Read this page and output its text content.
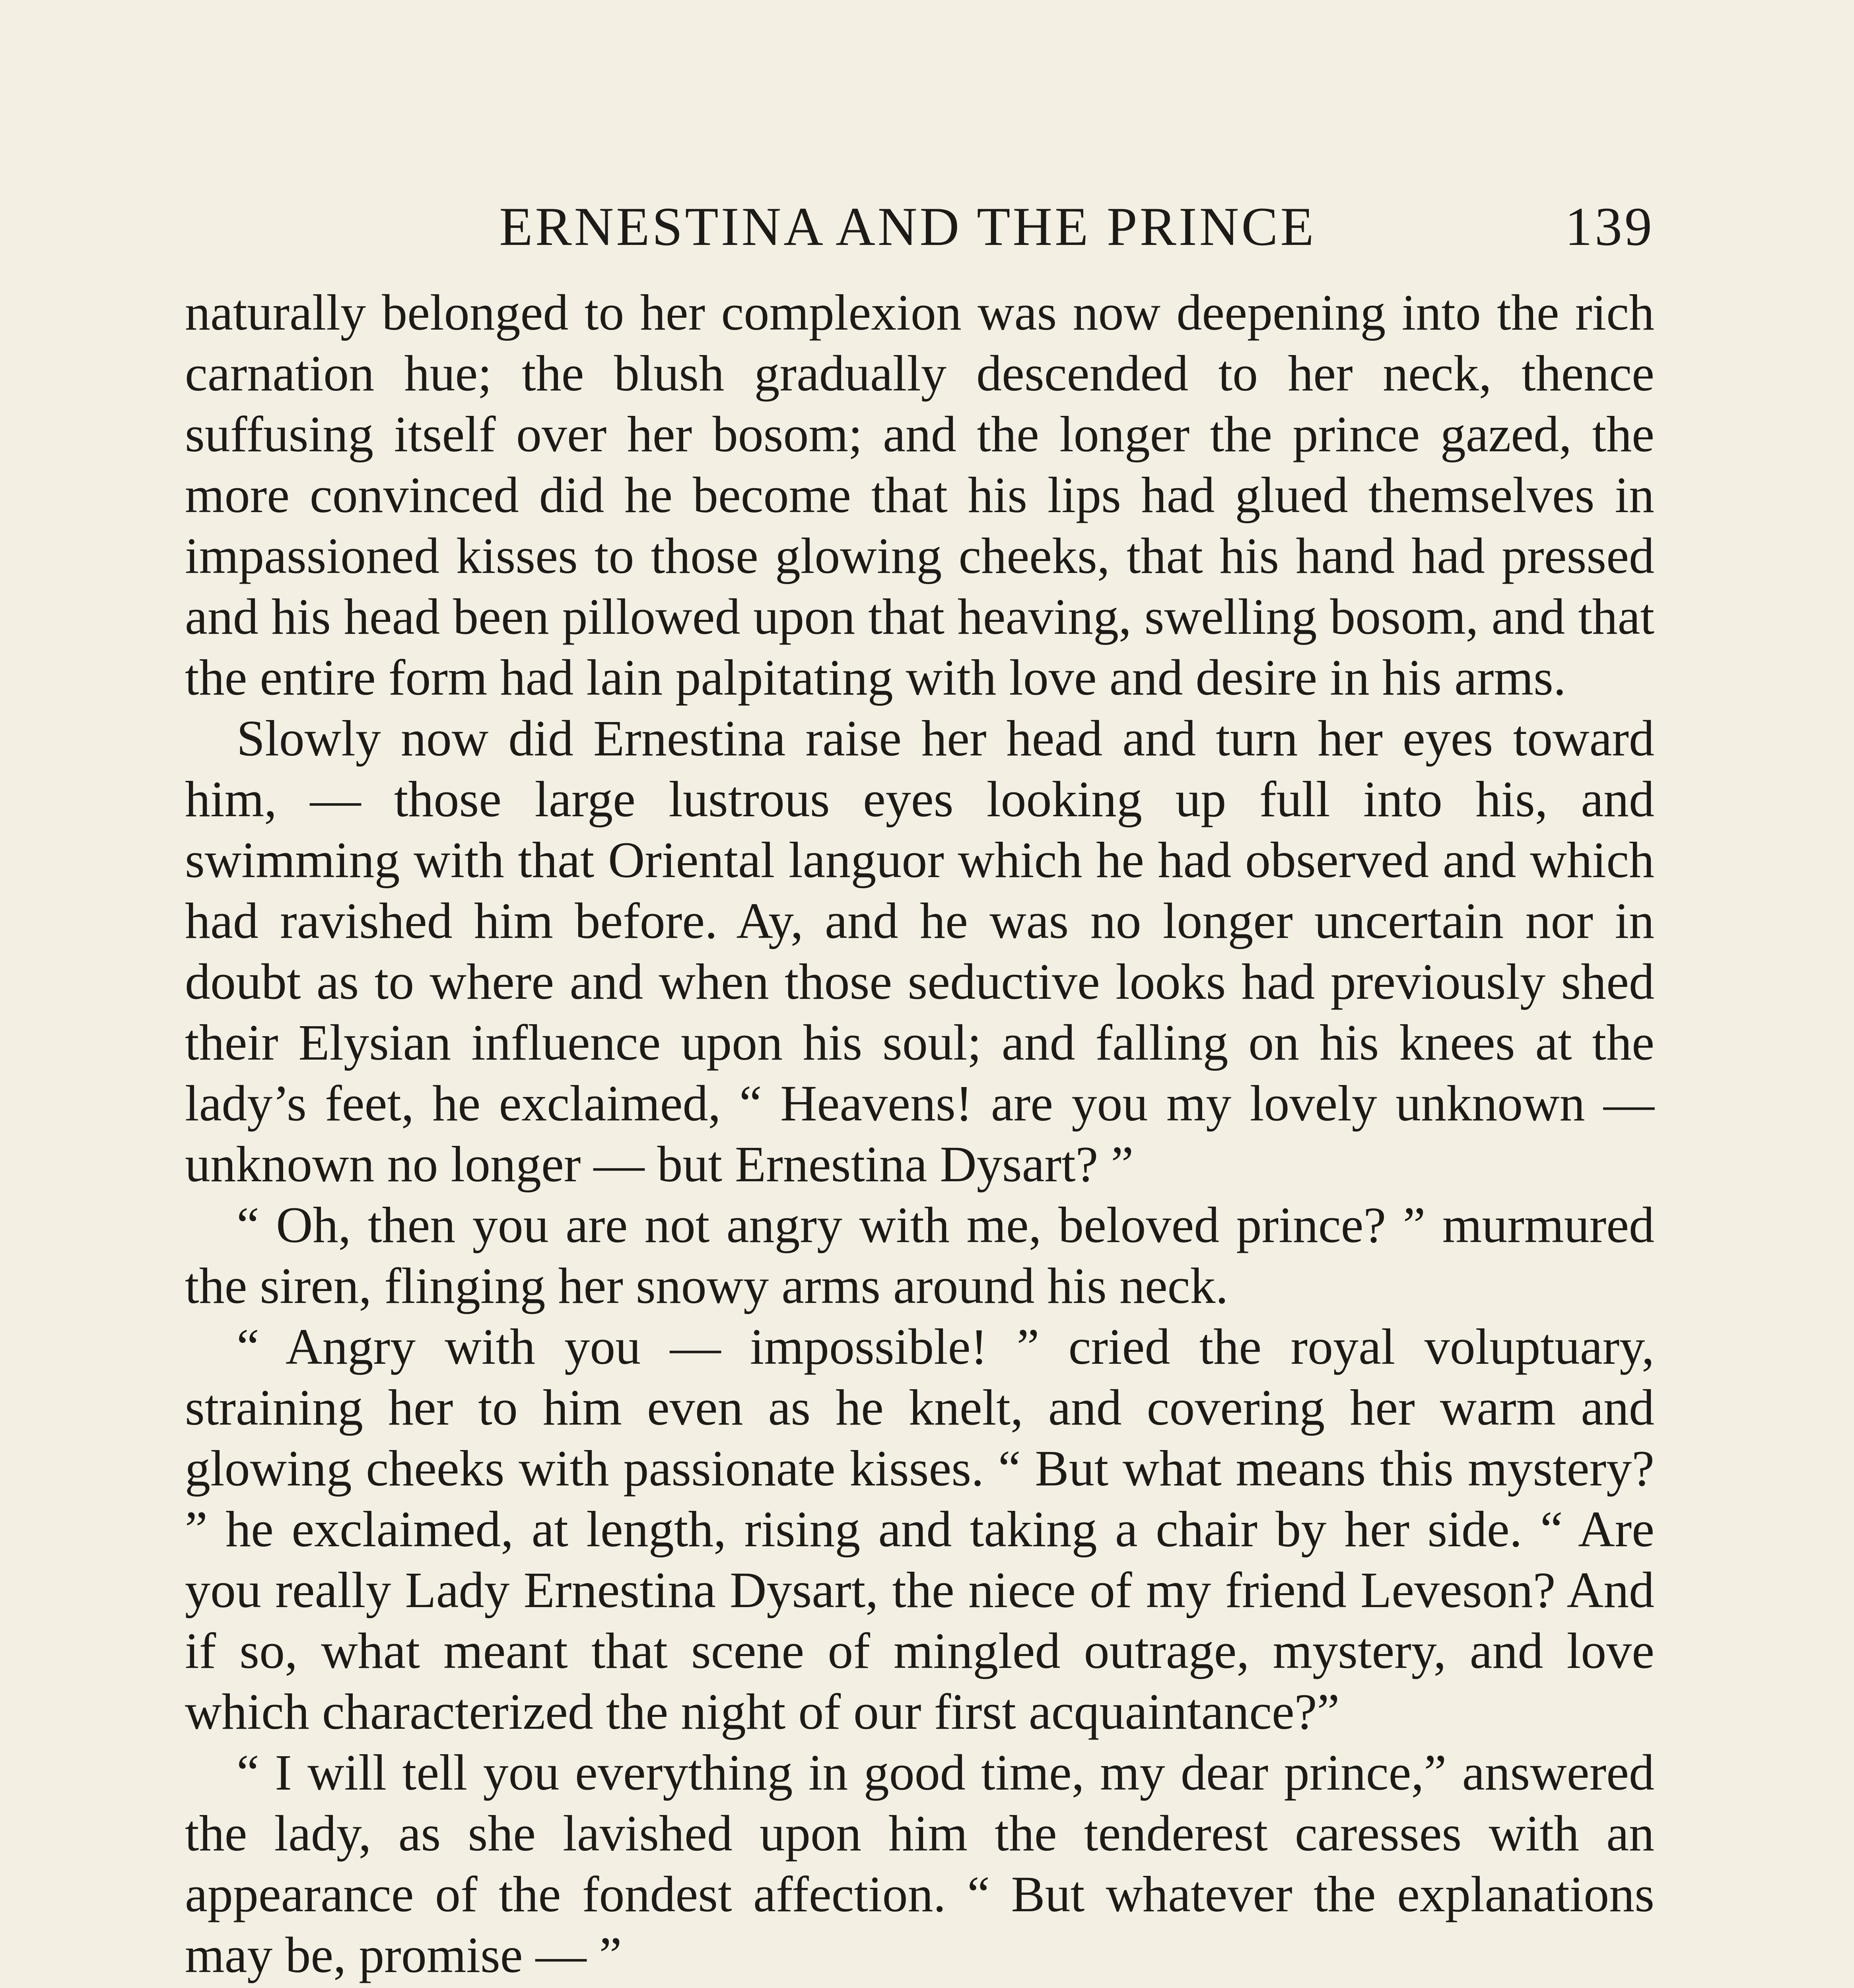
ERNESTINA AND THE PRINCE	139

naturally belonged to her complexion was now deepening into the rich carnation hue; the blush gradually descended to her neck, thence suffusing itself over her bosom; and the longer the prince gazed, the more convinced did he become that his lips had glued themselves in impassioned kisses to those glowing cheeks, that his hand had pressed and his head been pillowed upon that heaving, swelling bosom, and that the entire form had lain palpitating with love and desire in his arms.

Slowly now did Ernestina raise her head and turn her eyes toward him, — those large lustrous eyes looking up full into his, and swimming with that Oriental languor which he had observed and which had ravished him before. Ay, and he was no longer uncertain nor in doubt as to where and when those seductive looks had previously shed their Elysian influence upon his soul; and falling on his knees at the lady’s feet, he exclaimed, “ Heavens! are you my lovely unknown — unknown no longer — but Ernestina Dysart? ”

“ Oh, then you are not angry with me, beloved prince? ” murmured the siren, flinging her snowy arms around his neck.

“ Angry with you — impossible! ” cried the royal voluptuary, straining her to him even as he knelt, and covering her warm and glowing cheeks with passionate kisses. “ But what means this mystery? ” he exclaimed, at length, rising and taking a chair by her side. “ Are you really Lady Ernestina Dysart, the niece of my friend Leveson? And if so, what meant that scene of mingled outrage, mystery, and love which characterized the night of our first acquaintance?”

“ I will tell you everything in good time, my dear prince,” answered the lady, as she lavished upon him the tenderest caresses with an appearance of the fondest affection. “ But whatever the explanations may be, promise — ”
